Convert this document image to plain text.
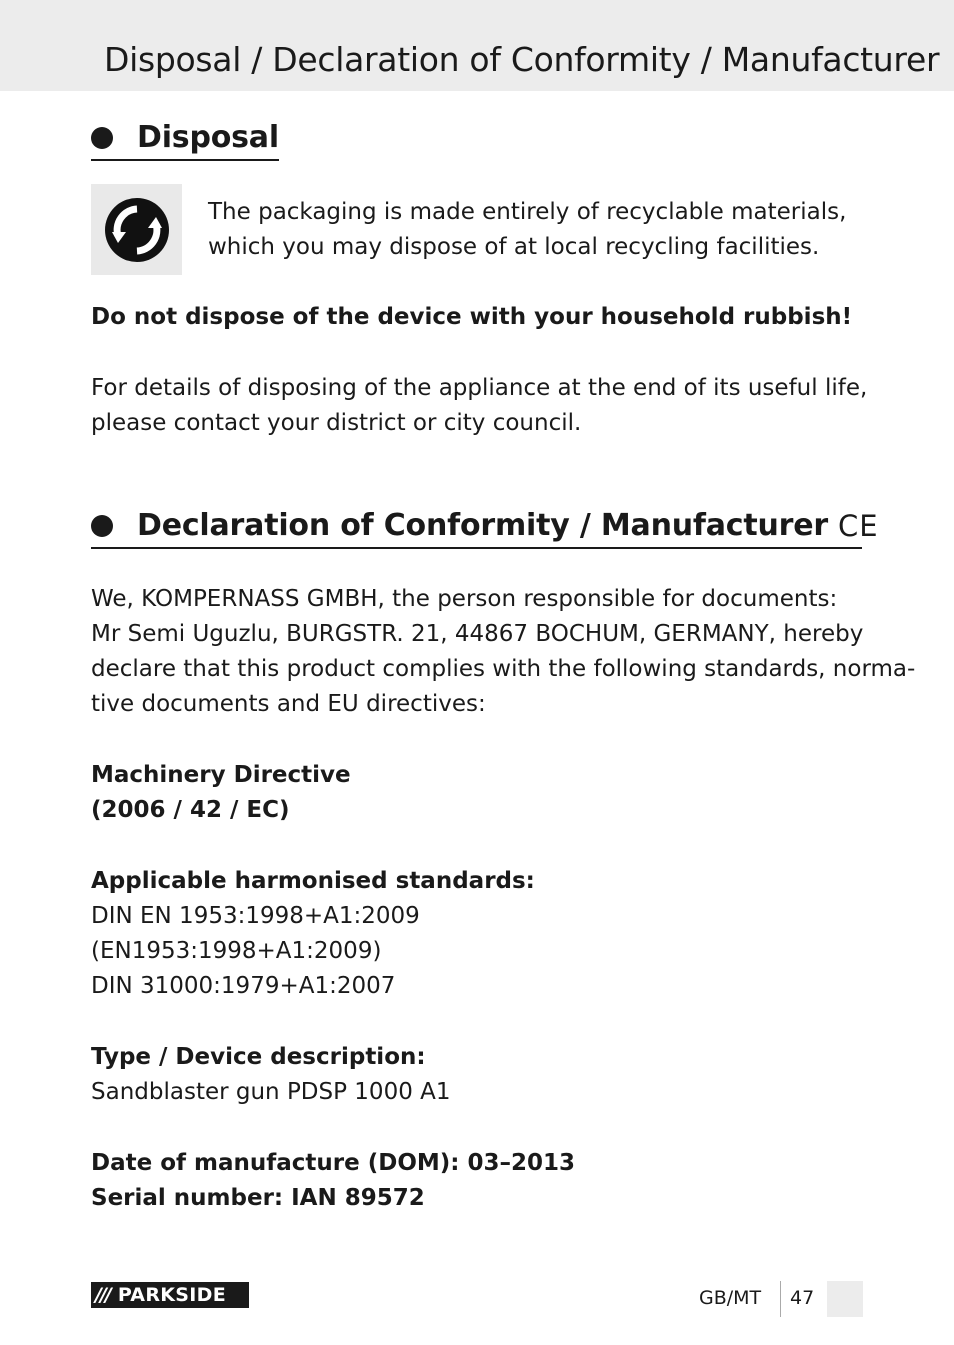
Disposal / Declaration of Conformity / Manufacturer
Disposal
The packaging is made entirely of recyclable materials,
which you may dispose of at local recycling facilities.
Do not dispose of the device with your household rubbish!
For details of disposing of the appliance at the end of its useful life,
please contact your district or city council.
Declaration of Conformity / Manufacturer CE
We, KOMPERNASS GMBH, the person responsible for documents:
Mr Semi Uguzlu, BURGSTR. 21, 44867 BOCHUM, GERMANY, hereby
declare that this product complies with the following standards, norma-
tive documents and EU directives:
Machinery Directive
(2006 / 42 / EC)
Applicable harmonised standards:
DIN EN 1953:1998+A1:2009
(EN1953:1998+A1:2009)
DIN 31000:1979+A1:2007
Type / Device description:
Sandblaster gun PDSP 1000 A1
Date of manufacture (DOM): 03–2013
Serial number: IAN 89572
/// PARKSIDE	GB/MT 47
